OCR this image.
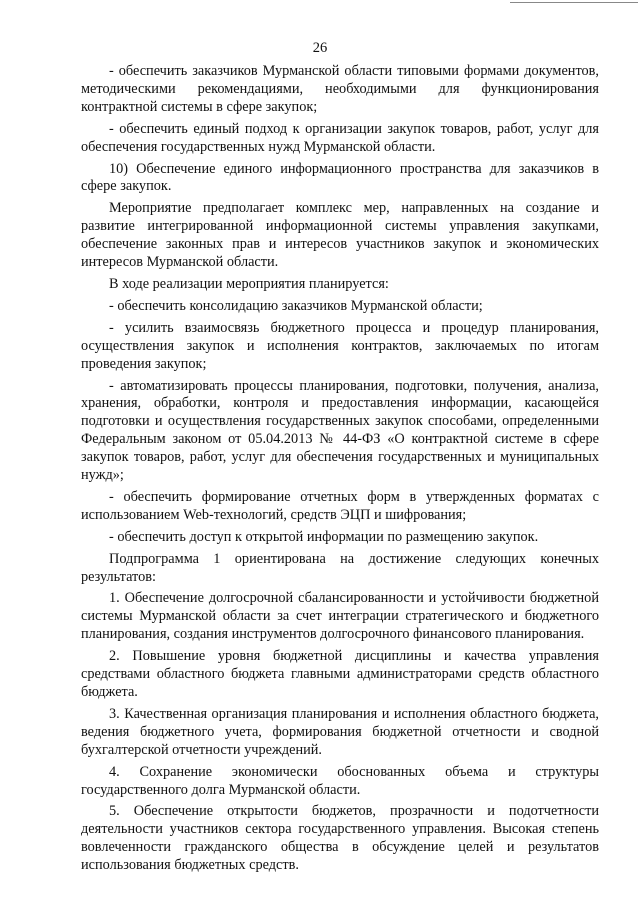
26

- обеспечить заказчиков Мурманской области типовыми формами документов, методическими рекомендациями, необходимыми для функционирования контрактной системы в сфере закупок;

- обеспечить единый подход к организации закупок товаров, работ, услуг для обеспечения государственных нужд Мурманской области.

10) Обеспечение единого информационного пространства для заказчиков в сфере закупок.

Мероприятие предполагает комплекс мер, направленных на создание и развитие интегрированной информационной системы управления закупками, обеспечение законных прав и интересов участников закупок и экономических интересов Мурманской области.

В ходе реализации мероприятия планируется:

- обеспечить консолидацию заказчиков Мурманской области;

- усилить взаимосвязь бюджетного процесса и процедур планирования, осуществления закупок и исполнения контрактов, заключаемых по итогам проведения закупок;

- автоматизировать процессы планирования, подготовки, получения, анализа, хранения, обработки, контроля и предоставления информации, касающейся подготовки и осуществления государственных закупок способами, определенными Федеральным законом от 05.04.2013 № 44-ФЗ «О контрактной системе в сфере закупок товаров, работ, услуг для обеспечения государственных и муниципальных нужд»;

- обеспечить формирование отчетных форм в утвержденных форматах с использованием Web-технологий, средств ЭЦП и шифрования;

- обеспечить доступ к открытой информации по размещению закупок.

Подпрограмма 1 ориентирована на достижение следующих конечных результатов:

1. Обеспечение долгосрочной сбалансированности и устойчивости бюджетной системы Мурманской области за счет интеграции стратегического и бюджетного планирования, создания инструментов долгосрочного финансового планирования.

2. Повышение уровня бюджетной дисциплины и качества управления средствами областного бюджета главными администраторами средств областного бюджета.

3. Качественная организация планирования и исполнения областного бюджета, ведения бюджетного учета, формирования бюджетной отчетности и сводной бухгалтерской отчетности учреждений.

4. Сохранение экономически обоснованных объема и структуры государственного долга Мурманской области.

5. Обеспечение открытости бюджетов, прозрачности и подотчетности деятельности участников сектора государственного управления. Высокая степень вовлеченности гражданского общества в обсуждение целей и результатов использования бюджетных средств.
